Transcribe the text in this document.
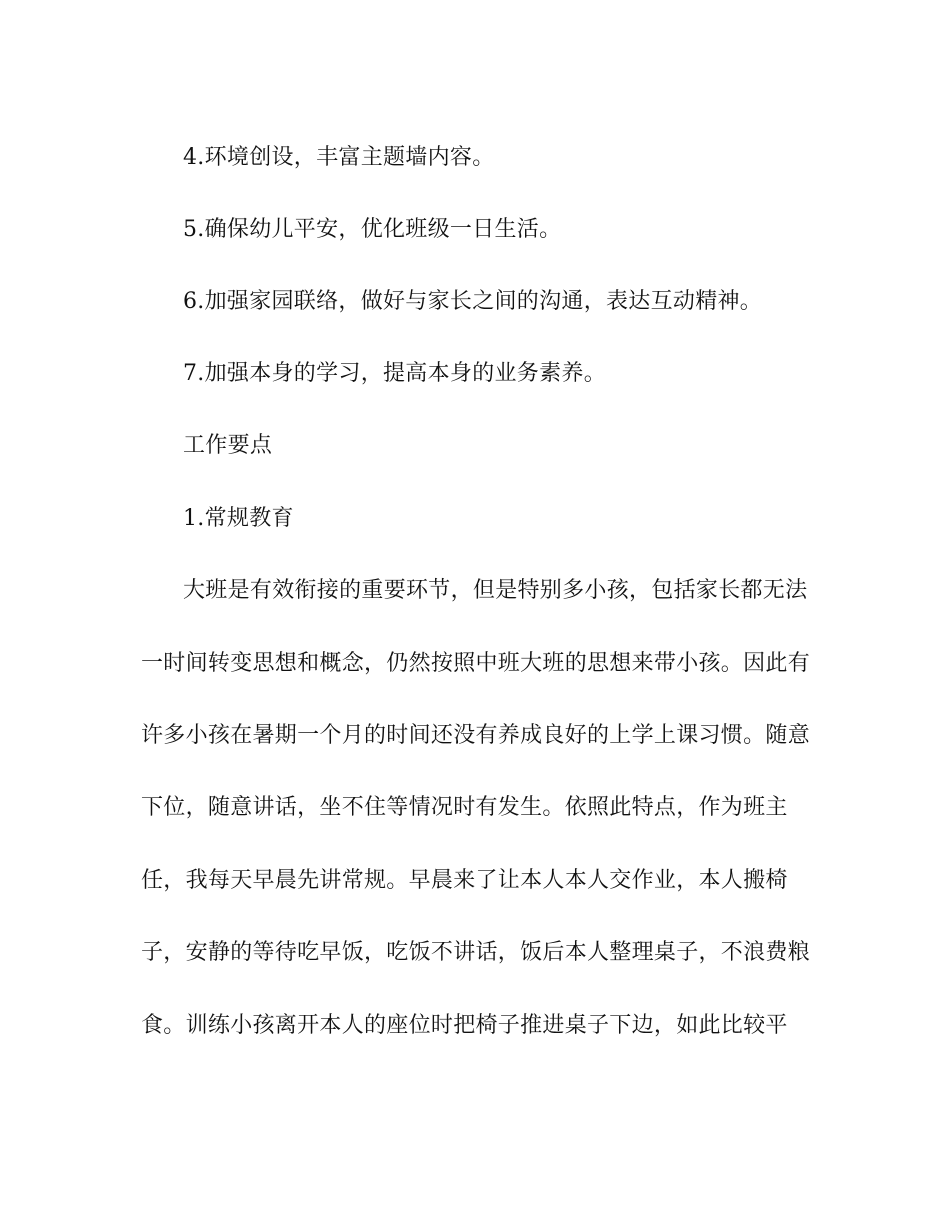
4.环境创设，丰富主题墙内容。
5.确保幼儿平安，优化班级一日生活。
6.加强家园联络，做好与家长之间的沟通，表达互动精神。
7.加强本身的学习，提高本身的业务素养。
工作要点
1.常规教育
大班是有效衔接的重要环节，但是特别多小孩，包括家长都无法
一时间转变思想和概念，仍然按照中班大班的思想来带小孩。因此有
许多小孩在暑期一个月的时间还没有养成良好的上学上课习惯。随意
下位，随意讲话，坐不住等情况时有发生。依照此特点，作为班主
任，我每天早晨先讲常规。早晨来了让本人本人交作业，本人搬椅
子，安静的等待吃早饭，吃饭不讲话，饭后本人整理桌子，不浪费粮
食。训练小孩离开本人的座位时把椅子推进桌子下边，如此比较平
